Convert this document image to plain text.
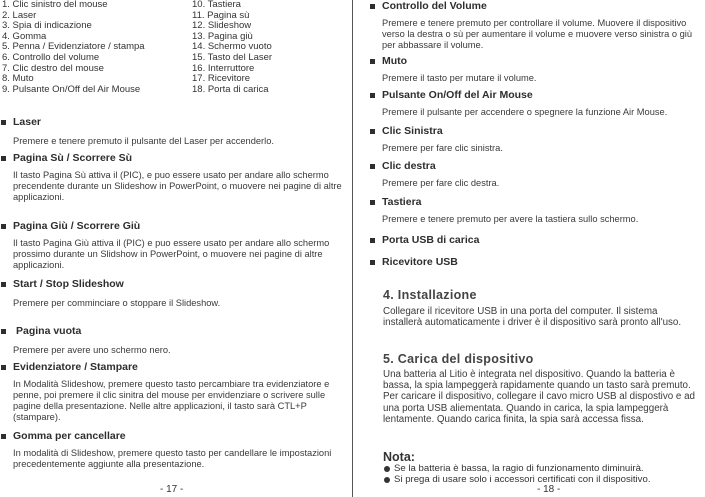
1. Clic sinistro del mouse
2. Laser
3. Spia di indicazione
4. Gomma
5. Penna / Evidenziatore / stampa
6. Controllo del volume
7. Clic destro del mouse
8. Muto
9. Pulsante On/Off del Air Mouse
10. Tastiera
11. Pagina sù
12. Slideshow
13. Pagina giù
14. Schermo vuoto
15. Tasto del Laser
16. Interruttore
17. Ricevitore
18. Porta di carica
Laser
Premere e tenere premuto il pulsante del Laser per accenderlo.
Pagina Sù / Scorrere Sù
Il tasto Pagina Sù attiva il (PIC), e puo essere usato per andare allo schermo precendente durante un Slideshow in PowerPoint, o muovere nei pagine di altre applicazioni.
Pagina Giù / Scorrere Giù
Il tasto Pagina Giù attiva il (PIC) e puo essere usato per andare allo schermo prossimo durante un Slidshow in PowerPoint, o muovere nei pagine di altre applicazioni.
Start / Stop Slideshow
Premere per comminciare o stoppare il Slideshow.
Pagina vuota
Premere per avere uno schermo nero.
Evidenziatore / Stampare
In Modalità Slideshow, premere questo tasto percambiare tra evidenziatore e penne, poi premere il clic sinitra del mouse per envidenziare o scrivere sulle pagine della presentazione. Nelle altre applicazioni, il tasto sarà CTL+P (stampare).
Gomma per cancellare
In modalità di Slideshow, premere questo tasto per candellare le impostazioni precedentemente aggiunte alla presentazione.
- 17 -
Controllo del Volume
Premere e tenere premuto per controllare il volume. Muovere il dispositivo verso la destra o sù per aumentare il volume e muovere verso sinistra o giù per abbassare il volume.
Muto
Premere il tasto per mutare il volume.
Pulsante On/Off del Air Mouse
Premere il pulsante per accendere o spegnere la funzione Air Mouse.
Clic Sinistra
Premere per fare clic sinistra.
Clic destra
Premere per fare clic destra.
Tastiera
Premere e tenere premuto per avere la tastiera sullo schermo.
Porta USB di carica
Ricevitore USB
4. Installazione
Collegare il ricevitore USB in una porta del computer. Il sistema installerà automaticamente i driver è il dispositivo sarà pronto all'uso.
5. Carica del dispositivo
Una batteria al Litio è integrata nel dispositivo. Quando la batteria è bassa, la spia lampeggerà rapidamente quando un tasto sarà premuto. Per caricare il dispositivo, collegare il cavo micro USB al dispostivo e ad una porta USB aliementata. Quando in carica, la spia lampeggerà lentamente. Quando carica finita, la spia sarà accessa fissa.
Nota:
Se la batteria è bassa, la ragio di funzionamento diminuirà.
Si prega di usare solo i accessori certificati con il dispositivo.
- 18 -
